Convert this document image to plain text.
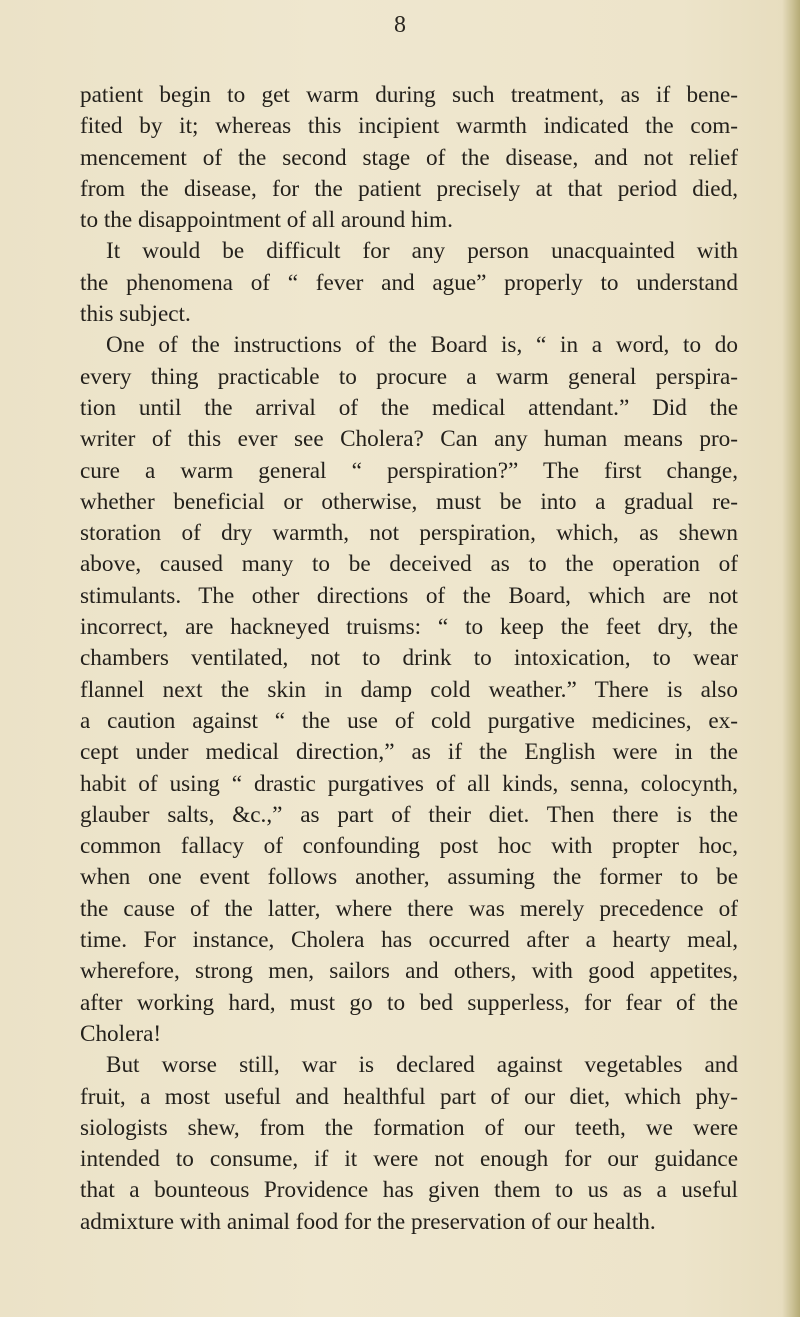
8
patient begin to get warm during such treatment, as if bene-
fited by it; whereas this incipient warmth indicated the com-
mencement of the second stage of the disease, and not relief
from the disease, for the patient precisely at that period died,
to the disappointment of all around him.
It would be difficult for any person unacquainted with
the phenomena of “ fever and ague” properly to understand
this subject.
One of the instructions of the Board is, “ in a word, to do
every thing practicable to procure a warm general perspira-
tion until the arrival of the medical attendant.” Did the
writer of this ever see Cholera? Can any human means pro-
cure a warm general “ perspiration?” The first change,
whether beneficial or otherwise, must be into a gradual re-
storation of dry warmth, not perspiration, which, as shewn
above, caused many to be deceived as to the operation of
stimulants. The other directions of the Board, which are not
incorrect, are hackneyed truisms: “ to keep the feet dry, the
chambers ventilated, not to drink to intoxication, to wear
flannel next the skin in damp cold weather.” There is also
a caution against “ the use of cold purgative medicines, ex-
cept under medical direction,” as if the English were in the
habit of using “ drastic purgatives of all kinds, senna, colocynth,
glauber salts, &c.,” as part of their diet. Then there is the
common fallacy of confounding post hoc with propter hoc,
when one event follows another, assuming the former to be
the cause of the latter, where there was merely precedence of
time. For instance, Cholera has occurred after a hearty meal,
wherefore, strong men, sailors and others, with good appetites,
after working hard, must go to bed supperless, for fear of the
Cholera!
But worse still, war is declared against vegetables and
fruit, a most useful and healthful part of our diet, which phy-
siologists shew, from the formation of our teeth, we were
intended to consume, if it were not enough for our guidance
that a bounteous Providence has given them to us as a useful
admixture with animal food for the preservation of our health.
